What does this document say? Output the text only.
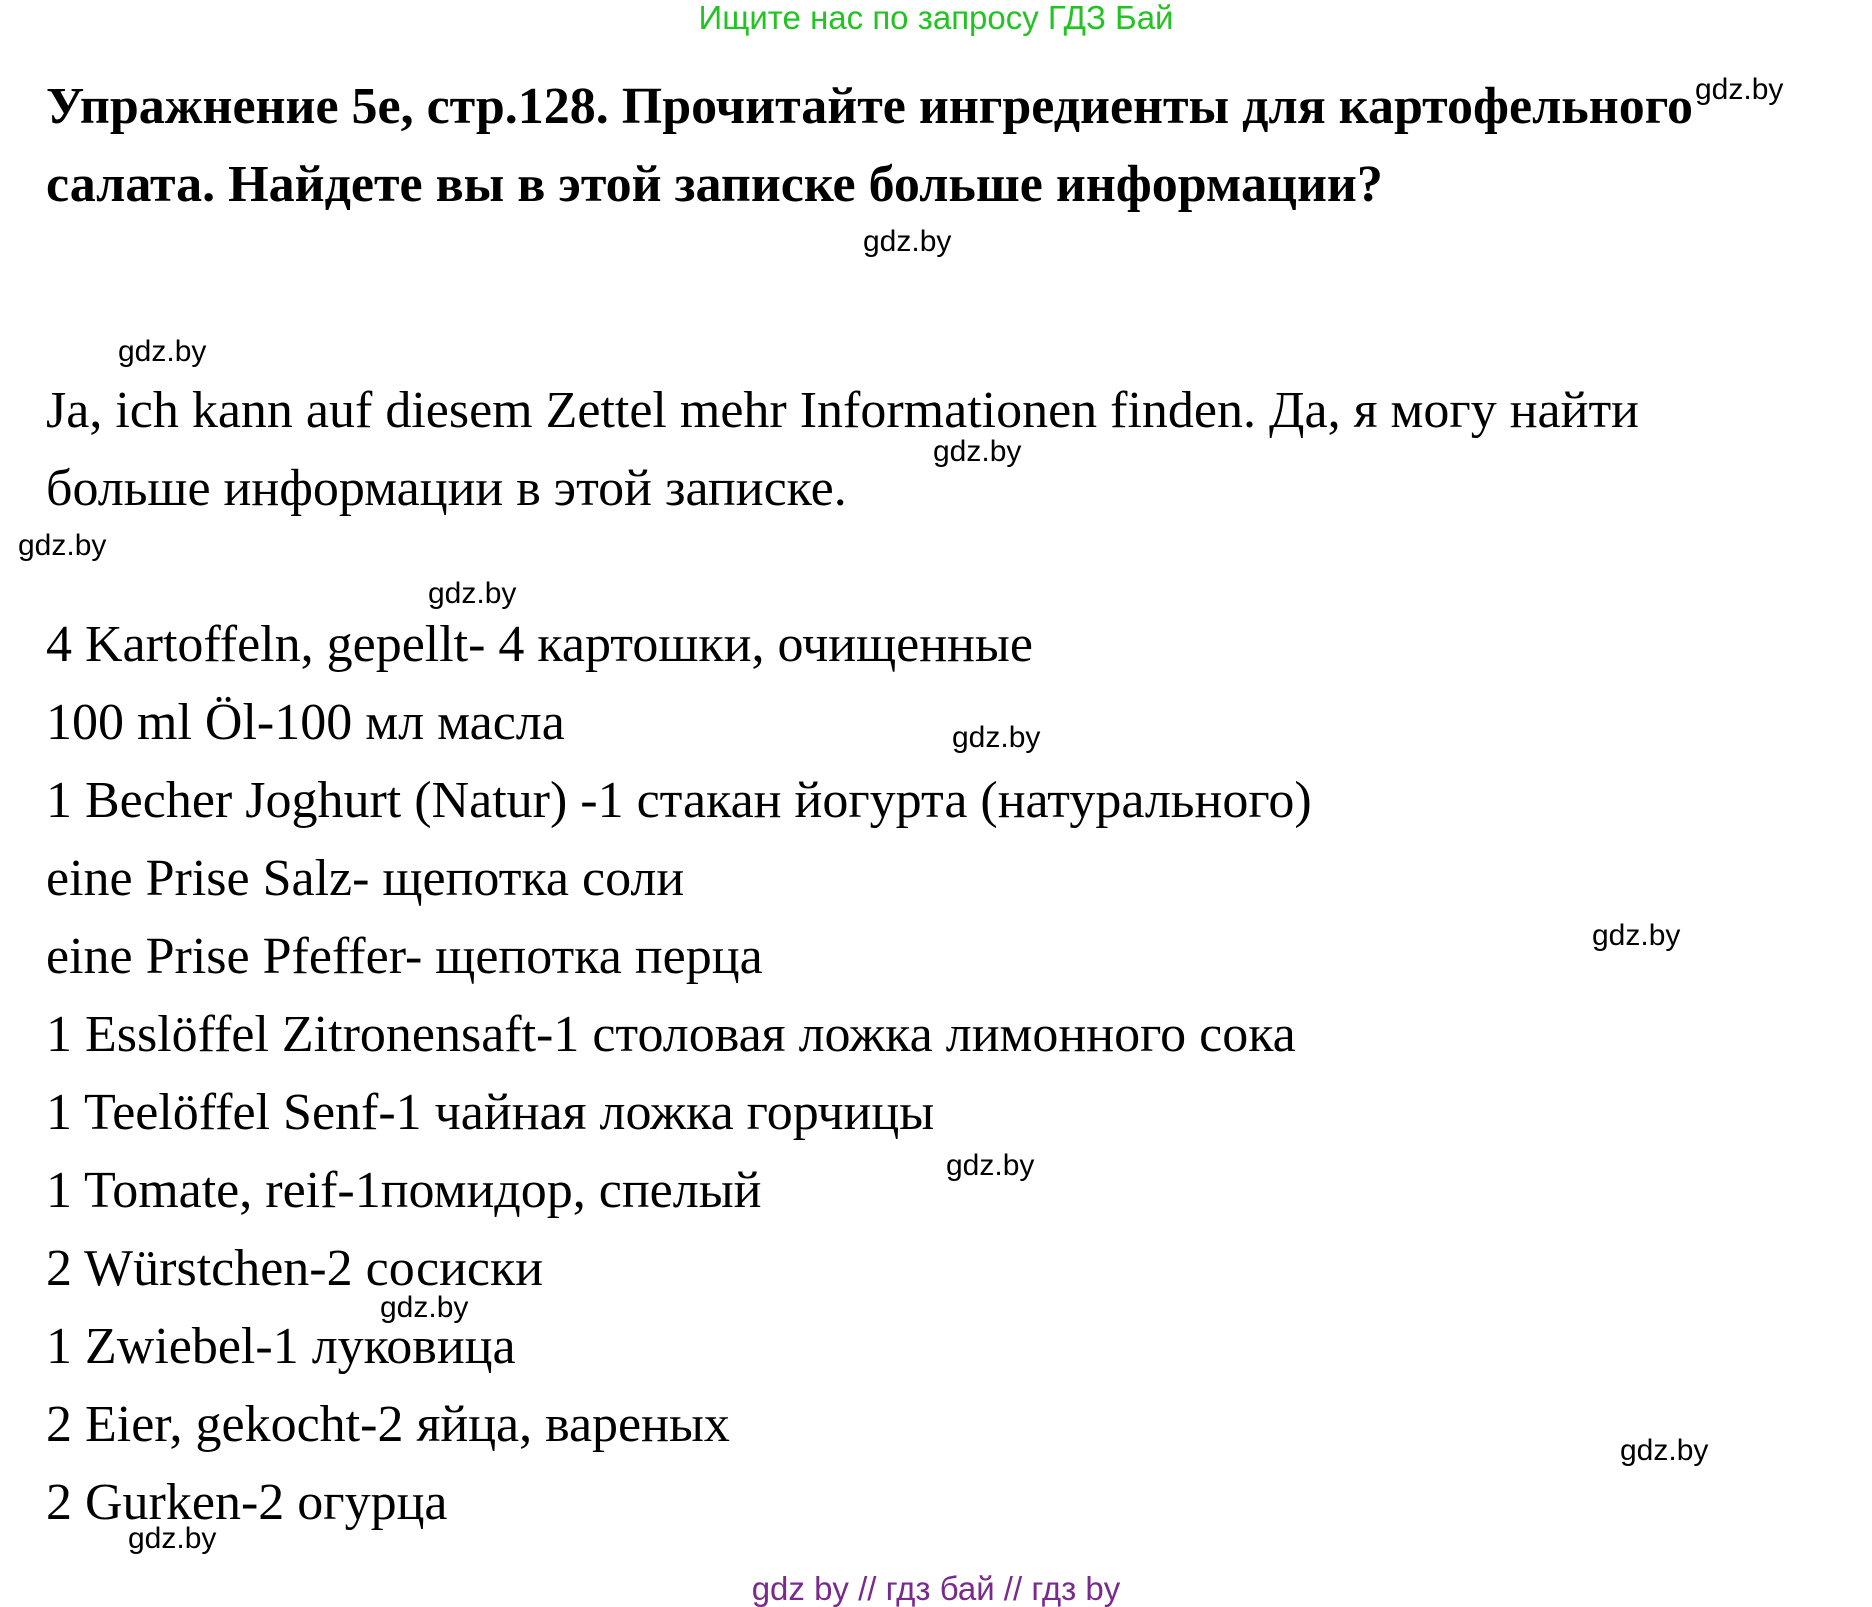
Ищите нас по запросу ГДЗ Бай
Упражнение 5е, стр.128. Прочитайте ингредиенты для картофельного салата. Найдете вы в этой записке больше информации?

Ja, ich kann auf diesem Zettel mehr Informationen finden. Да, я могу найти больше информации в этой записке.

4 Kartoffeln, gepellt- 4 картошки, очищенные
100 ml Öl-100 мл масла
1 Becher Joghurt (Natur) -1 стакан йогурта (натурального)
eine Prise Salz- щепотка соли
eine Prise Pfeffer- щепотка перца
1 Esslöffel Zitronensaft-1 столовая ложка лимонного сока
1 Teelöffel Senf-1 чайная ложка горчицы
1 Tomate, reif-1помидор, спелый
2 Würstchen-2 сосиски
1 Zwiebel-1 луковица
2 Eier, gekocht-2 яйца, вареных
2 Gurken-2 огурца
gdz.by
gdz.by
gdz.by
gdz.by
gdz.by
gdz.by
gdz.by
gdz.by
gdz.by
gdz.by
gdz.by
gdz.by
gdz by // гдз бай // гдз by
